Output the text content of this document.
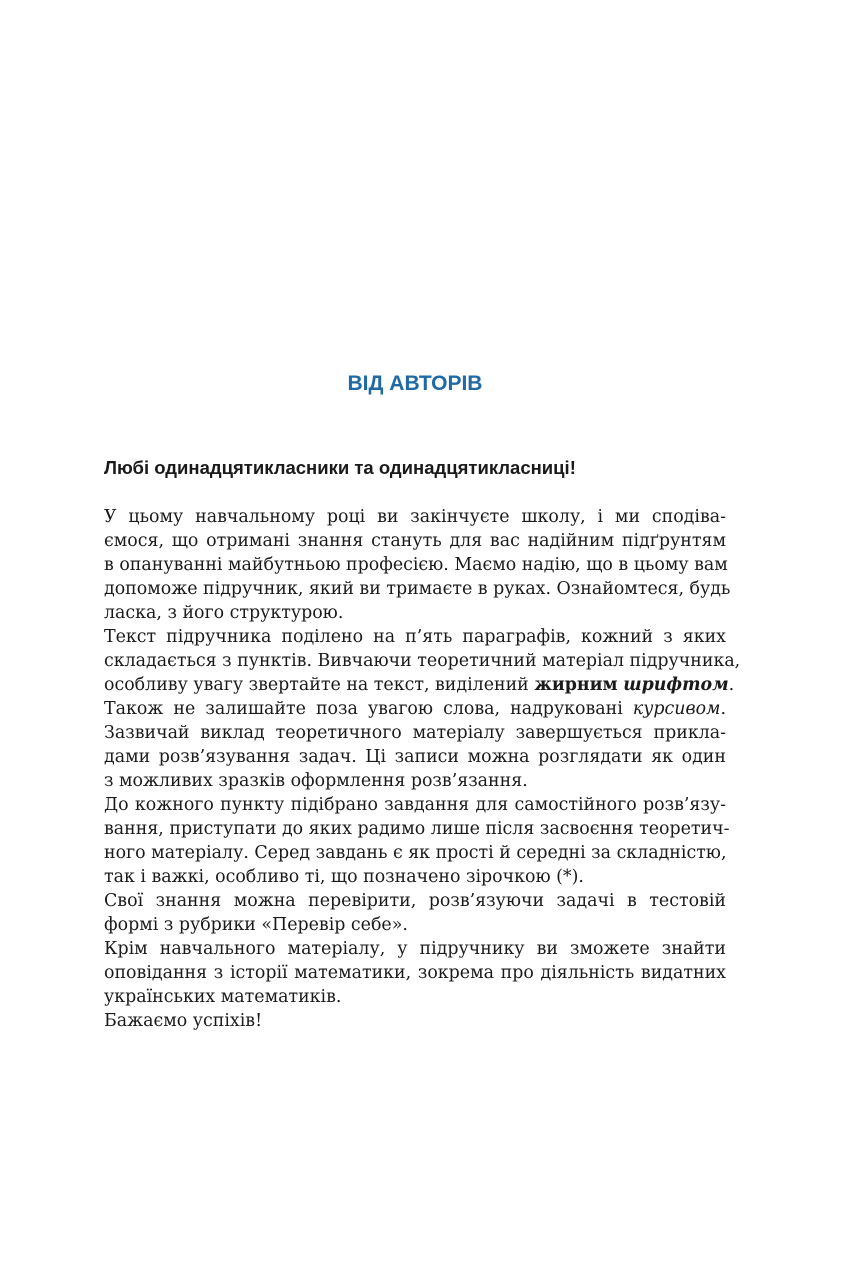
ВІД АВТОРІВ
Любі одинадцятикласники та одинадцятикласниці!

У цьому навчальному році ви закінчуєте школу, і ми сподіва-
ємося, що отримані знання стануть для вас надійним підґрунтям
в опануванні майбутньою професією. Маємо надію, що в цьому вам
допоможе підручник, який ви тримаєте в руках. Ознайомтеся, будь
ласка, з його структурою.

Текст підручника поділено на п’ять параграфів, кожний з яких
складається з пунктів. Вивчаючи теоретичний матеріал підручника,
особливу увагу звертайте на текст, виділений жирним шрифтом.
Також не залишайте поза увагою слова, надруковані курсивом.

Зазвичай виклад теоретичного матеріалу завершується прикла-
дами розв’язування задач. Ці записи можна розглядати як один
з можливих зразків оформлення розв’язання.

До кожного пункту підібрано завдання для самостійного розв’язу-
вання, приступати до яких радимо лише після засвоєння теоретич-
ного матеріалу. Серед завдань є як прості й середні за складністю,
так і важкі, особливо ті, що позначено зірочкою (*).

Свої знання можна перевірити, розв’язуючи задачі в тестовій
формі з рубрики «Перевір себе».

Крім навчального матеріалу, у підручнику ви зможете знайти
оповідання з історії математики, зокрема про діяльність видатних
українських математиків.

Бажаємо успіхів!
